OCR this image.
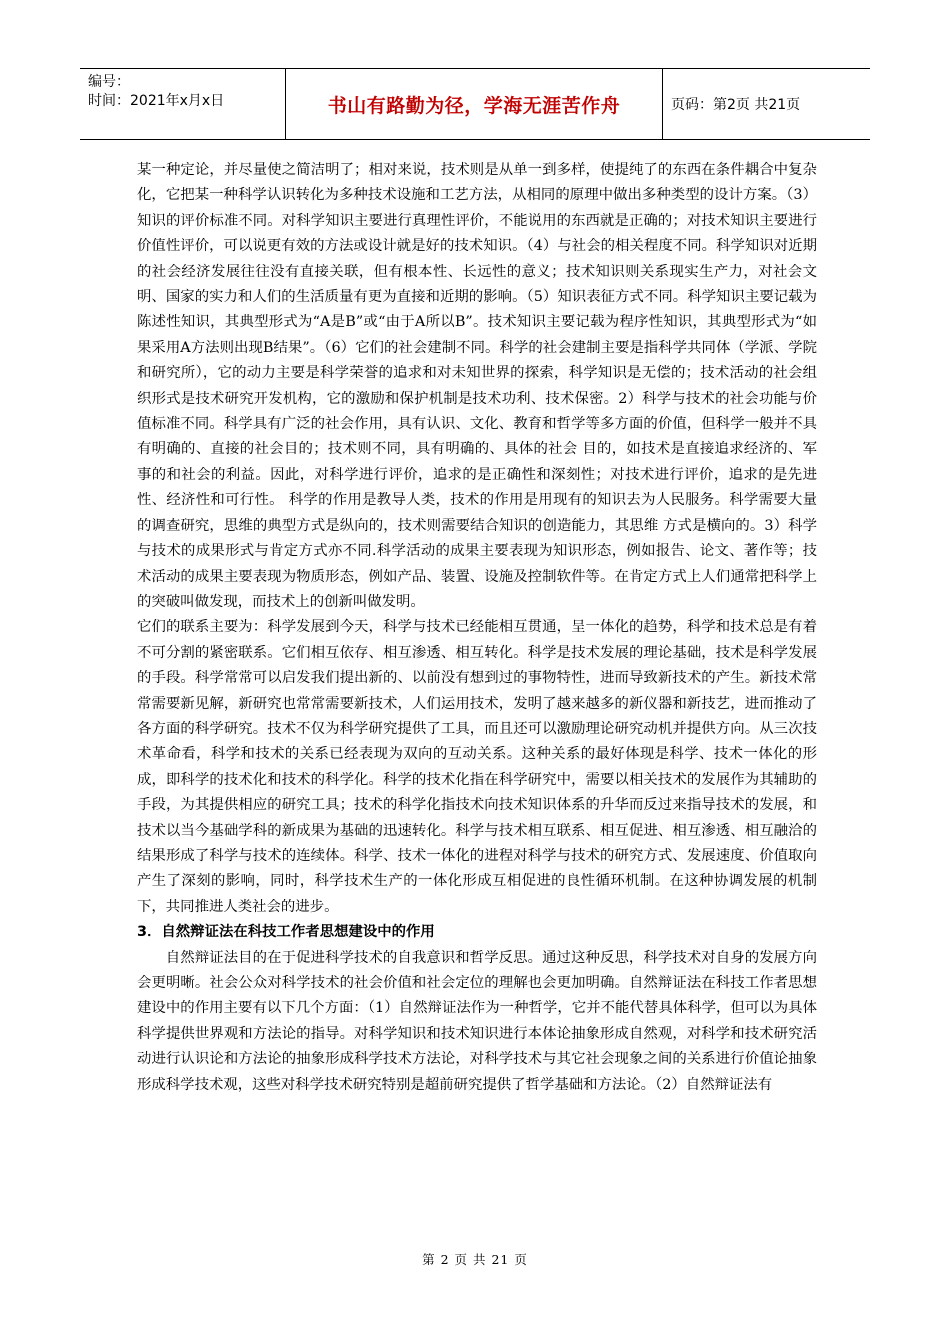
编号：
时间：2021年x月x日	书山有路勤为径，学海无涯苦作舟	页码：第2页 共21页

某一种定论，并尽量使之简洁明了；相对来说，技术则是从单一到多样，使提纯了的东西在条件耦合中复杂化，它把某一种科学认识转化为多种技术设施和工艺方法，从相同的原理中做出多种类型的设计方案。（3）知识的评价标准不同。对科学知识主要进行真理性评价，不能说用的东西就是正确的；对技术知识主要进行价值性评价，可以说更有效的方法或设计就是好的技术知识。（4）与社会的相关程度不同。科学知识对近期的社会经济发展往往没有直接关联，但有根本性、长远性的意义；技术知识则关系现实生产力，对社会文明、国家的实力和人们的生活质量有更为直接和近期的影响。（5）知识表征方式不同。科学知识主要记载为陈述性知识，其典型形式为“A是B”或“由于A所以B”。技术知识主要记载为程序性知识，其典型形式为“如果采用A方法则出现B结果”。（6）它们的社会建制不同。科学的社会建制主要是指科学共同体（学派、学院和研究所），它的动力主要是科学荣誉的追求和对未知世界的探索，科学知识是无偿的；技术活动的社会组织形式是技术研究开发机构，它的激励和保护机制是技术功利、技术保密。2）科学与技术的社会功能与价值标准不同。科学具有广泛的社会作用，具有认识、文化、教育和哲学等多方面的价值，但科学一般并不具有明确的、直接的社会目的；技术则不同，具有明确的、具体的社会 目的，如技术是直接追求经济的、军事的和社会的利益。因此，对科学进行评价，追求的是正确性和深刻性；对技术进行评价，追求的是先进性、经济性和可行性。 科学的作用是教导人类，技术的作用是用现有的知识去为人民服务。科学需要大量的调查研究，思维的典型方式是纵向的，技术则需要结合知识的创造能力，其思维 方式是横向的。3）科学与技术的成果形式与肯定方式亦不同.科学活动的成果主要表现为知识形态，例如报告、论文、著作等；技术活动的成果主要表现为物质形态，例如产品、装置、设施及控制软件等。在肯定方式上人们通常把科学上的突破叫做发现，而技术上的创新叫做发明。

它们的联系主要为：科学发展到今天，科学与技术已经能相互贯通，呈一体化的趋势，科学和技术总是有着不可分割的紧密联系。它们相互依存、相互渗透、相互转化。科学是技术发展的理论基础，技术是科学发展的手段。科学常常可以启发我们提出新的、以前没有想到过的事物特性，进而导致新技术的产生。新技术常常需要新见解，新研究也常常需要新技术，人们运用技术，发明了越来越多的新仪器和新技艺，进而推动了各方面的科学研究。技术不仅为科学研究提供了工具，而且还可以激励理论研究动机并提供方向。从三次技术革命看，科学和技术的关系已经表现为双向的互动关系。这种关系的最好体现是科学、技术一体化的形成，即科学的技术化和技术的科学化。科学的技术化指在科学研究中，需要以相关技术的发展作为其辅助的手段，为其提供相应的研究工具；技术的科学化指技术向技术知识体系的升华而反过来指导技术的发展，和技术以当今基础学科的新成果为基础的迅速转化。科学与技术相互联系、相互促进、相互渗透、相互融洽的结果形成了科学与技术的连续体。科学、技术一体化的进程对科学与技术的研究方式、发展速度、价值取向产生了深刻的影响，同时，科学技术生产的一体化形成互相促进的良性循环机制。在这种协调发展的机制下，共同推进人类社会的进步。

3．自然辩证法在科技工作者思想建设中的作用

自然辩证法目的在于促进科学技术的自我意识和哲学反思。通过这种反思，科学技术对自身的发展方向会更明晰。社会公众对科学技术的社会价值和社会定位的理解也会更加明确。自然辩证法在科技工作者思想建设中的作用主要有以下几个方面：（1）自然辩证法作为一种哲学，它并不能代替具体科学，但可以为具体科学提供世界观和方法论的指导。对科学知识和技术知识进行本体论抽象形成自然观，对科学和技术研究活动进行认识论和方法论的抽象形成科学技术方法论，对科学技术与其它社会现象之间的关系进行价值论抽象形成科学技术观，这些对科学技术研究特别是超前研究提供了哲学基础和方法论。（2）自然辩证法有

第 2 页 共 21 页
